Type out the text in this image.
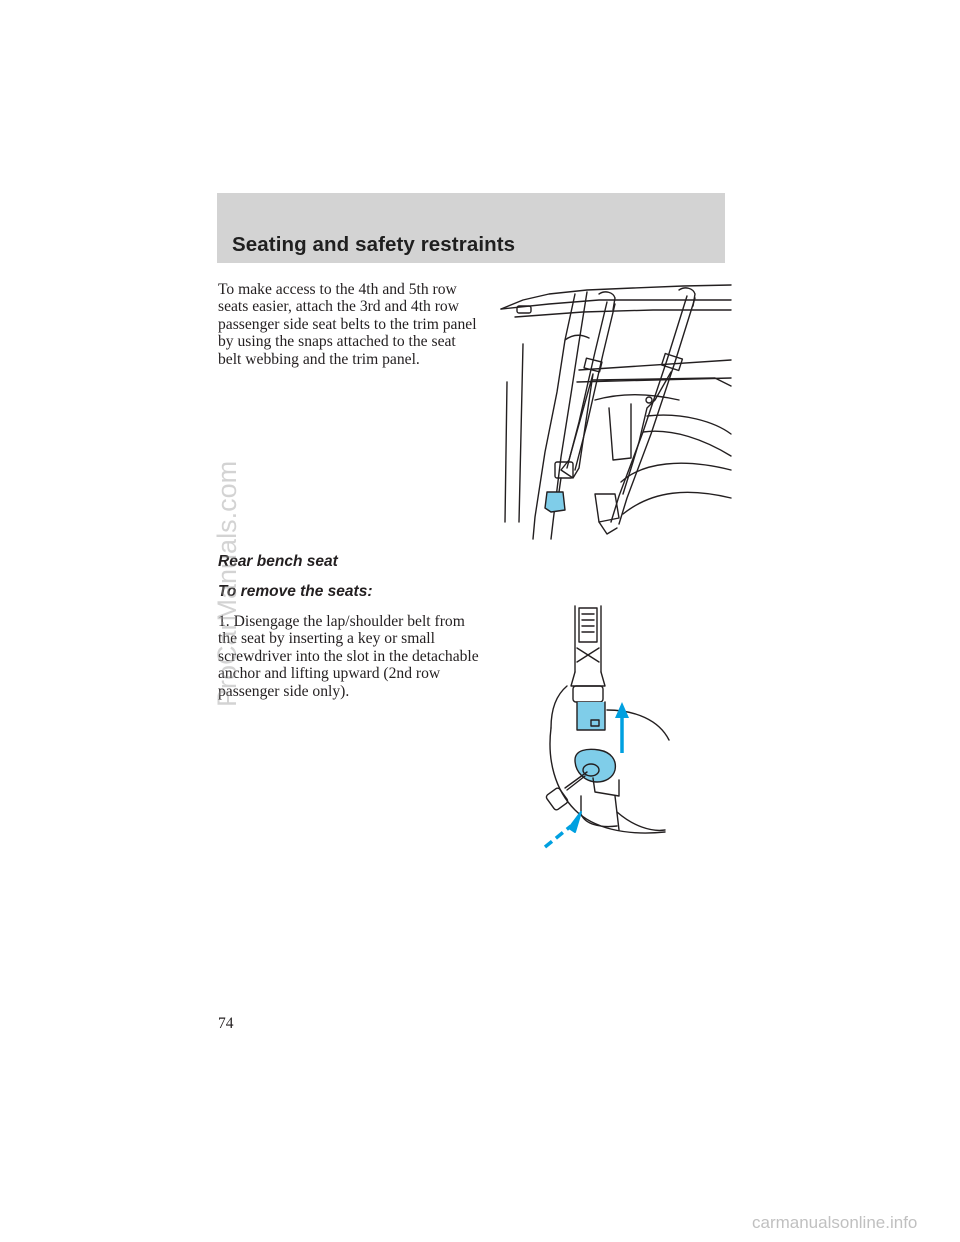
Seating and safety restraints
To make access to the 4th and 5th row seats easier, attach the 3rd and 4th row passenger side seat belts to the trim panel by using the snaps attached to the seat belt webbing and the trim panel.
Rear bench seat
To remove the seats:
1. Disengage the lap/shoulder belt from the seat by inserting a key or small screwdriver into the slot in the detachable anchor and lifting upward (2nd row passenger side only).
74
ProCarManuals.com
carmanualsonline.info
